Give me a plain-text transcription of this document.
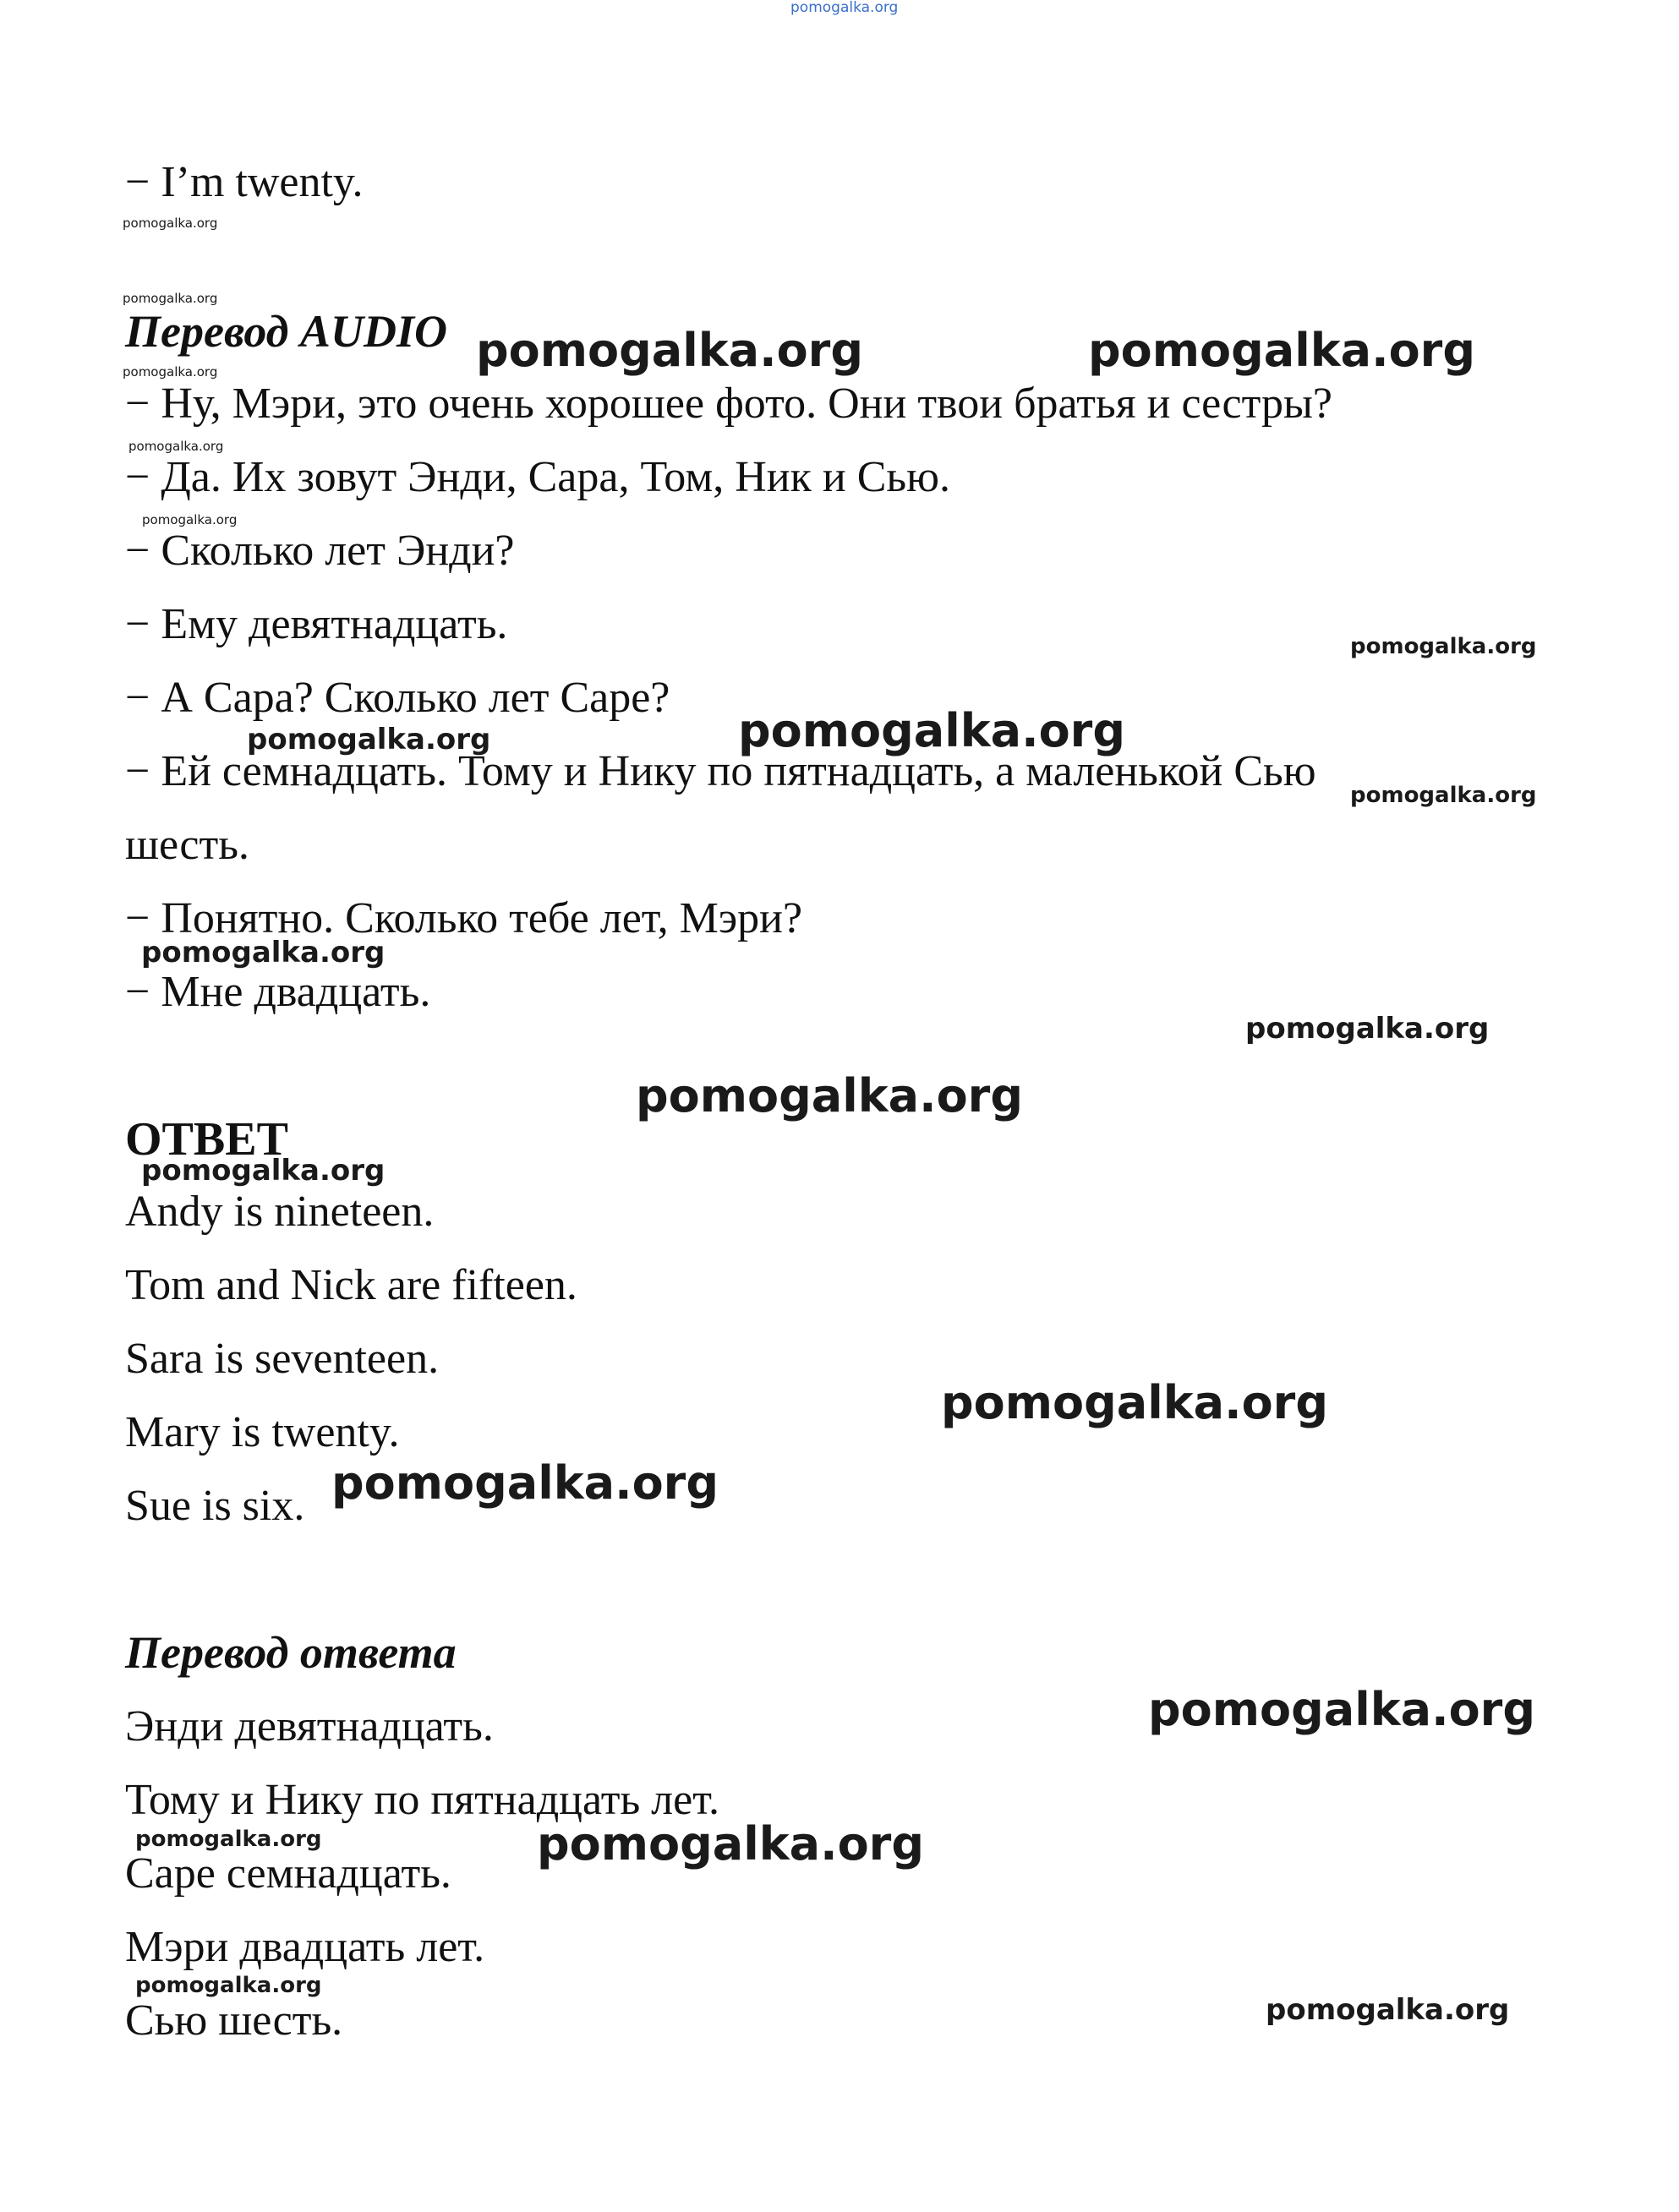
pomogalka.org
− I’m twenty.
Перевод AUDIO
− Ну, Мэри, это очень хорошее фото. Они твои братья и сестры?
− Да. Их зовут Энди, Сара, Том, Ник и Сью.
− Сколько лет Энди?
− Ему девятнадцать.
− А Сара? Сколько лет Саре?
− Ей семнадцать. Тому и Нику по пятнадцать, а маленькой Сью
шесть.
− Понятно. Сколько тебе лет, Мэри?
− Мне двадцать.
ОТВЕТ
Andy is nineteen.
Tom and Nick are fifteen.
Sara is seventeen.
Mary is twenty.
Sue is six.
Перевод ответа
Энди девятнадцать.
Тому и Нику по пятнадцать лет.
Саре семнадцать.
Мэри двадцать лет.
Сью шесть.
pomogalka.org
pomogalka.org
pomogalka.org
pomogalka.org
pomogalka.org
pomogalka.org	pomogalka.org
pomogalka.org
pomogalka.org	pomogalka.org
pomogalka.org
pomogalka.org
pomogalka.org
pomogalka.org
pomogalka.org
pomogalka.org
pomogalka.org
pomogalka.org
pomogalka.org	pomogalka.org
pomogalka.org
pomogalka.org
